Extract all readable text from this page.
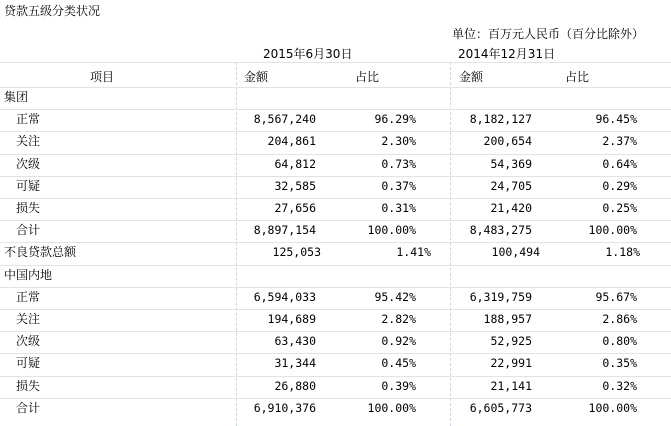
贷款五级分类状况
单位：百万元人民币（百分比除外）
2015年6月30日	2014年12月31日
项目	金额	占比	金额	占比
集团
正常	8,567,240	96.29%	8,182,127	96.45%
关注	204,861	2.30%	200,654	2.37%
次级	64,812	0.73%	54,369	0.64%
可疑	32,585	0.37%	24,705	0.29%
损失	27,656	0.31%	21,420	0.25%
合计	8,897,154	100.00%	8,483,275	100.00%
不良贷款总额	125,053	1.41%	100,494	1.18%
中国内地
正常	6,594,033	95.42%	6,319,759	95.67%
关注	194,689	2.82%	188,957	2.86%
次级	63,430	0.92%	52,925	0.80%
可疑	31,344	0.45%	22,991	0.35%
损失	26,880	0.39%	21,141	0.32%
合计	6,910,376	100.00%	6,605,773	100.00%
